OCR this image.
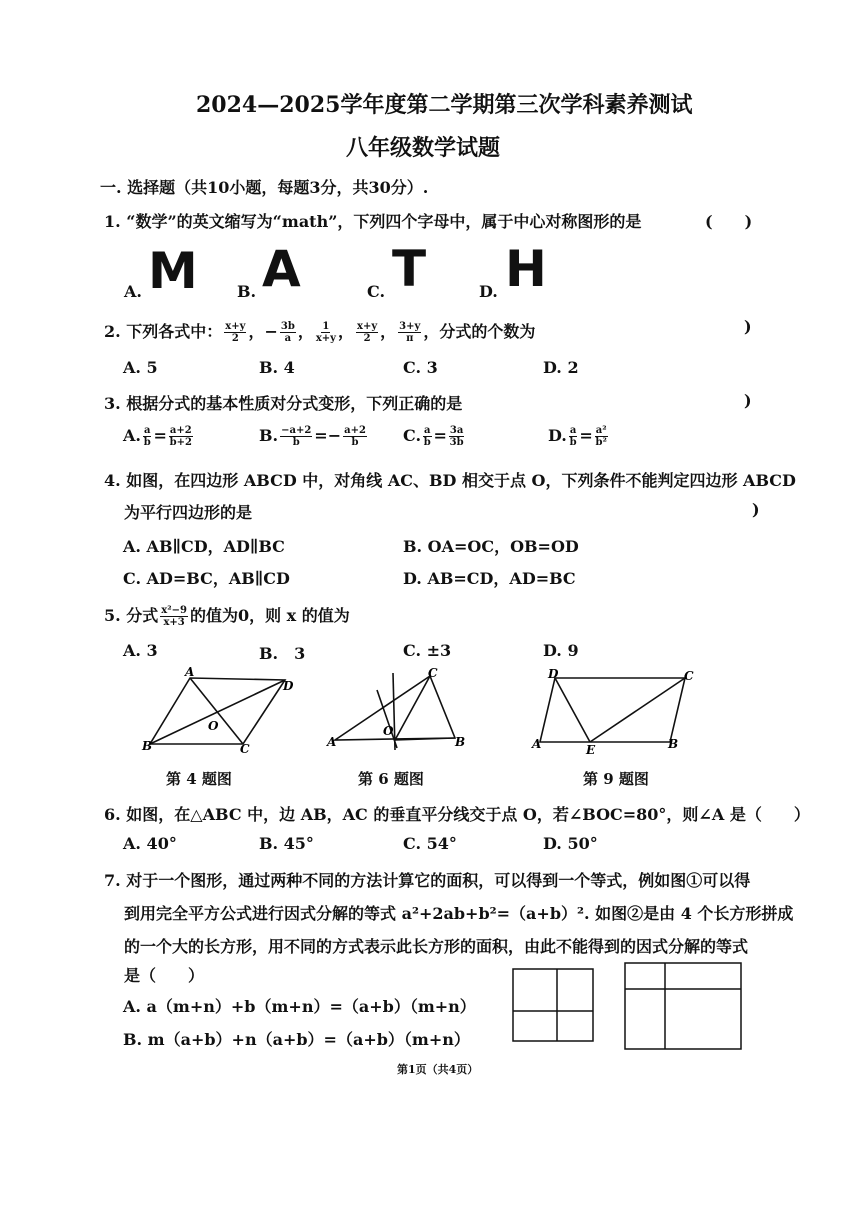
2024—2025学年度第二学期第三次学科素养测试
八年级数学试题
一. 选择题（共10小题，每题3分，共30分）.
1. “数学”的英文缩写为“math”，下列四个字母中，属于中心对称图形的是	(　　)
A. M B. A	C. T	D. H
2. 下列各式中： $\frac{x+y}{2}$ ，− $\frac{3b}{a}$ ， $\frac{1}{x+y}$ ， $\frac{x+y}{2}$ ， $\frac{3+y}{\pi}$ ，分式的个数为	)
A. 5	B. 4	C. 3	D. 2
3. 根据分式的基本性质对分式变形，下列正确的是	)
A. $\frac{a}{b} = \frac{a+2}{b+2}$	B. $\frac{-a+2}{b} =- \frac{a+2}{b} C$. $\frac{a}{b} = \frac{3a}{3b}$	D. $\frac{a}{b} = \frac{\text{a²}}{\text{b²}}$
4. 如图，在四边形 ABCD 中，对角线 AC、BD 相交于点 O，下列条件不能判定四边形 ABCD
为平行四边形的是	)
A. AB∥CD，AD∥BC	B. OA=OC，OB=OD
C. AD=BC，AB∥CD	D. AB=CD，AD=BC
5. 分式 $\frac{\text{x²−9}}{x+3}$ 的值为0，则 x 的值为
A. 3	B.　3	C. ±3	D. 9
A
D
B	C
O
第 4 题图
C
A
O
B
第 6 题图
D	C
A	E	B
第 9 题图
6. 如图，在△ABC 中，边 AB，AC 的垂直平分线交于点 O，若∠BOC=80°，则∠A 是（　　）
A. 40°	B. 45°	C. 54°	D. 50°
7. 对于一个图形，通过两种不同的方法计算它的面积，可以得到一个等式，例如图①可以得
到用完全平方公式进行因式分解的等式 a²+2ab+b²=（a+b）². 如图②是由 4 个长方形拼成
的一个大的长方形，用不同的方式表示此长方形的面积，由此不能得到的因式分解的等式
是（　　）
A. a（m+n）+b（m+n）=（a+b）（m+n）
B. m（a+b）+n（a+b）=（a+b）（m+n）
第1页（共4页）
